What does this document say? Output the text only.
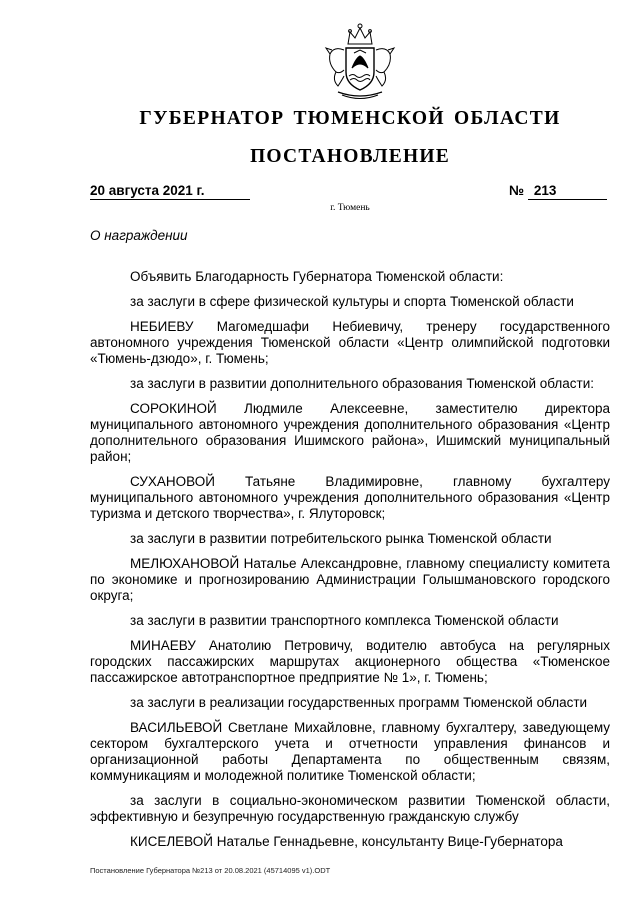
ГУБЕРНАТОР ТЮМЕНСКОЙ ОБЛАСТИ
ПОСТАНОВЛЕНИЕ
20 августа 2021 г.	№ 213
г. Тюмень
О награждении

Объявить Благодарность Губернатора Тюменской области:

за заслуги в сфере физической культуры и спорта Тюменской области

НЕБИЕВУ Магомедшафи Небиевичу, тренеру государственного автономного учреждения Тюменской области «Центр олимпийской подготовки «Тюмень-дзюдо», г. Тюмень;

за заслуги в развитии дополнительного образования Тюменской области:

СОРОКИНОЙ Людмиле Алексеевне, заместителю директора муниципального автономного учреждения дополнительного образования «Центр дополнительного образования Ишимского района», Ишимский муниципальный район;

СУХАНОВОЙ Татьяне Владимировне, главному бухгалтеру муниципального автономного учреждения дополнительного образования «Центр туризма и детского творчества», г. Ялуторовск;

за заслуги в развитии потребительского рынка Тюменской области

МЕЛЮХАНОВОЙ Наталье Александровне, главному специалисту комитета по экономике и прогнозированию Администрации Голышмановского городского округа;

за заслуги в развитии транспортного комплекса Тюменской области

МИНАЕВУ Анатолию Петровичу, водителю автобуса на регулярных городских пассажирских маршрутах акционерного общества «Тюменское пассажирское автотранспортное предприятие № 1», г. Тюмень;

за заслуги в реализации государственных программ Тюменской области

ВАСИЛЬЕВОЙ Светлане Михайловне, главному бухгалтеру, заведующему сектором бухгалтерского учета и отчетности управления финансов и организационной работы Департамента по общественным связям, коммуникациям и молодежной политике Тюменской области;

за заслуги в социально-экономическом развитии Тюменской области, эффективную и безупречную государственную гражданскую службу

КИСЕЛЕВОЙ Наталье Геннадьевне, консультанту Вице-Губернатора

Постановление Губернатора №213 от 20.08.2021 (45714095 v1).ODT
